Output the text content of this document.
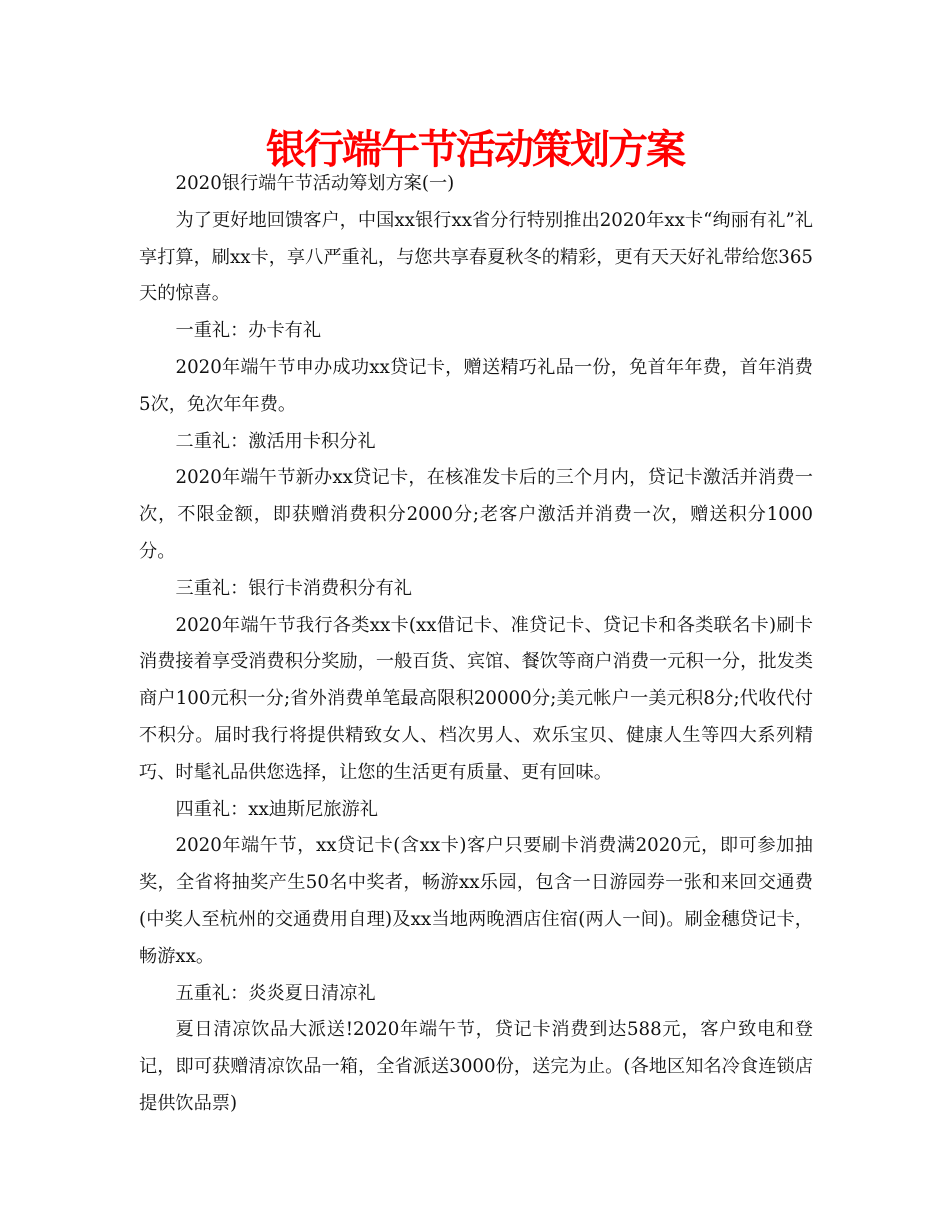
银行端午节活动策划方案

2020银行端午节活动筹划方案(一)

为了更好地回馈客户，中国xx银行xx省分行特别推出2020年xx卡“绚丽有礼”礼享打算，刷xx卡，享八严重礼，与您共享春夏秋冬的精彩，更有天天好礼带给您365天的惊喜。

一重礼：办卡有礼

2020年端午节申办成功xx贷记卡，赠送精巧礼品一份，免首年年费，首年消费5次，免次年年费。

二重礼：激活用卡积分礼

2020年端午节新办xx贷记卡，在核准发卡后的三个月内，贷记卡激活并消费一次，不限金额，即获赠消费积分2000分;老客户激活并消费一次，赠送积分1000分。

三重礼：银行卡消费积分有礼

2020年端午节我行各类xx卡(xx借记卡、准贷记卡、贷记卡和各类联名卡)刷卡消费接着享受消费积分奖励，一般百货、宾馆、餐饮等商户消费一元积一分，批发类商户100元积一分;省外消费单笔最高限积20000分;美元帐户一美元积8分;代收代付不积分。届时我行将提供精致女人、档次男人、欢乐宝贝、健康人生等四大系列精巧、时髦礼品供您选择，让您的生活更有质量、更有回味。

四重礼：xx迪斯尼旅游礼

2020年端午节，xx贷记卡(含xx卡)客户只要刷卡消费满2020元，即可参加抽奖，全省将抽奖产生50名中奖者，畅游xx乐园，包含一日游园券一张和来回交通费(中奖人至杭州的交通费用自理)及xx当地两晚酒店住宿(两人一间)。刷金穗贷记卡，畅游xx。

五重礼：炎炎夏日清凉礼

夏日清凉饮品大派送!2020年端午节，贷记卡消费到达588元，客户致电和登记，即可获赠清凉饮品一箱，全省派送3000份，送完为止。(各地区知名冷食连锁店提供饮品票)
